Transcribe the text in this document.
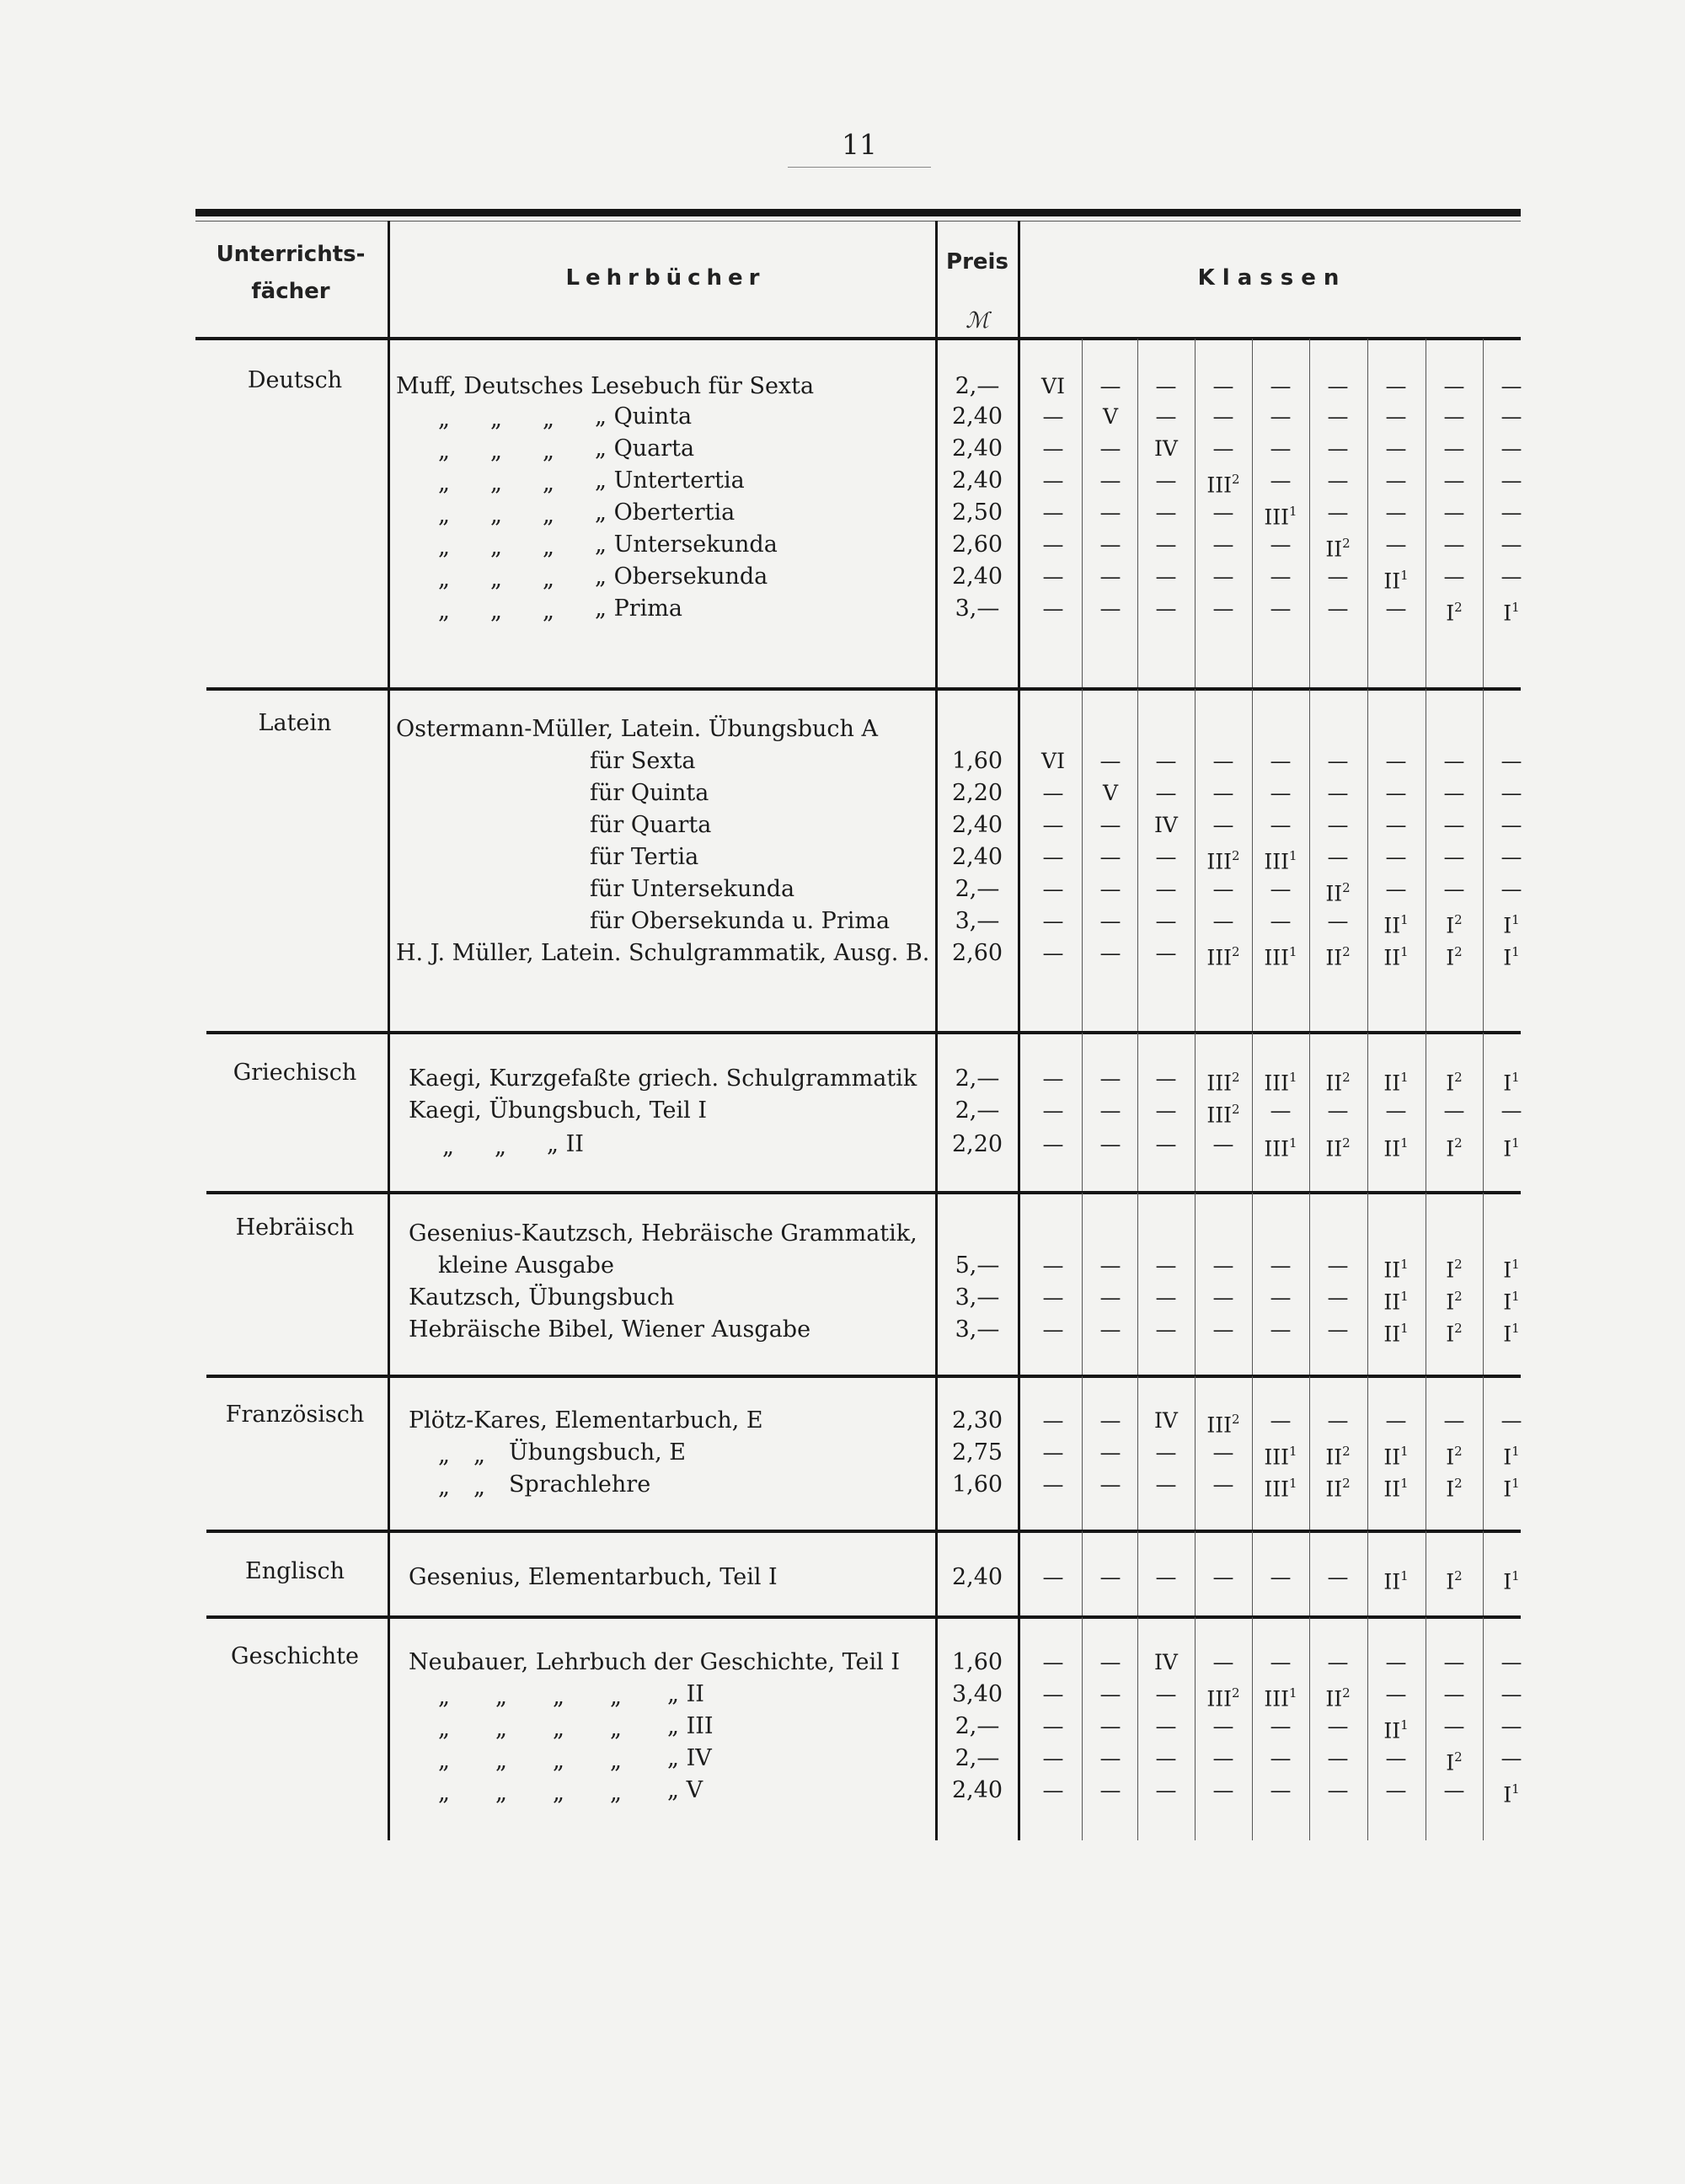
11
Unterrichts-fächer
Lehrbücher
Preis
ℳ
Klassen
Deutsch	Muff, Deutsches Lesebuch für Sexta	2,—	VI	—	—	—	—	—	—	—	—
„ „ „ „ Quinta	2,40	—	V	—	—	—	—	—	—	—
„ „ „ „ Quarta	2,40	—	—	IV	—	—	—	—	—	—
„ „ „ „ Untertertia	2,40	—	—	—	III$^2$	—	—	—	—	—
„ „ „ „ Obertertia	2,50	—	—	—	—	III$^1$	—	—	—	—
„ „ „ „ Untersekunda	2,60	—	—	—	—	—	$II^2$	—	—	—
„ „ „ „ Obersekunda	2,40	—	—	—	—	—	—	$II^1$	—	—
„ „ „ „ Prima	3,—	—	—	—	—	—	—	—	$I^2$	$I^1$
Latein	Ostermann-Müller, Latein. Übungsbuch A
für Sexta	1,60	VI	—	—	—	—	—	—	—	—
für Quinta	2,20	—	V	—	—	—	—	—	—	—
für Quarta	2,40	—	—	IV	—	—	—	—	—	—
für Tertia	2,40	—	—	—	III$^2$	III$^1$	—	—	—	—
für Untersekunda	2,—	—	—	—	—	—	$II^2$	—	—	—
für Obersekunda u. Prima	3,—	—	—	—	—	—	—	$II^1$	$I^2$	$I^1$
H. J. Müller, Latein. Schulgrammatik, Ausg. B. 2,60	—	—	—	III$^2$	III$^1$	$II^2$	$II^1$	$I^2$	$I^1$
Griechisch	Kaegi, Kurzgefaßte griech. Schulgrammatik	2,—	—	—	—	III$^2$	III$^1$	$II^2$	$II^1$	$I^2$	$I^1$
Kaegi, Übungsbuch, Teil I	2,—	—	—	—	III$^2$	—	—	—	—	—
„ „ „ II	2,20	—	—	—	—	III$^1$	$II^2$	$II^1$	$I^2$	$I^1$
Hebräisch	Gesenius-Kautzsch, Hebräische Grammatik,
kleine Ausgabe	5,—	—	—	—	—	—	—	$II^1$	$I^2$	$I^1$
Kautzsch, Übungsbuch	3,—	—	—	—	—	—	—	$II^1$	$I^2$	$I^1$
Hebräische Bibel, Wiener Ausgabe	3,—	—	—	—	—	—	—	$II^1$	$I^2$	$I^1$
Französisch	Plötz-Kares, Elementarbuch, E	2,30	—	—	IV	III$^2$	—	—	—	—	—
„ „ Übungsbuch, E	2,75	—	—	—	—	III$^1$	$II^2$	$II^1$	$I^2$	$I^1$
„ „ Sprachlehre	1,60	—	—	—	—	III$^1$	$II^2$	$II^1$	$I^2$	$I^1$
Englisch	Gesenius, Elementarbuch, Teil I	2,40	—	—	—	—	—	—	$II^1$	$I^2$	$I^1$
Geschichte	Neubauer, Lehrbuch der Geschichte, Teil I	1,60	—	—	IV	—	—	—	—	—	—
„ „ „ „ „ II	3,40	—	—	—	III$^2$	III$^1$	$II^2$	—	—	—
„ „ „ „ „ III	2,—	—	—	—	—	—	—	$II^1$	—	—
„ „ „ „ „ IV	2,—	—	—	—	—	—	—	—	$I^2$	—
„ „ „ „ „ V	2,40	—	—	—	—	—	—	—	—	$I^1$
